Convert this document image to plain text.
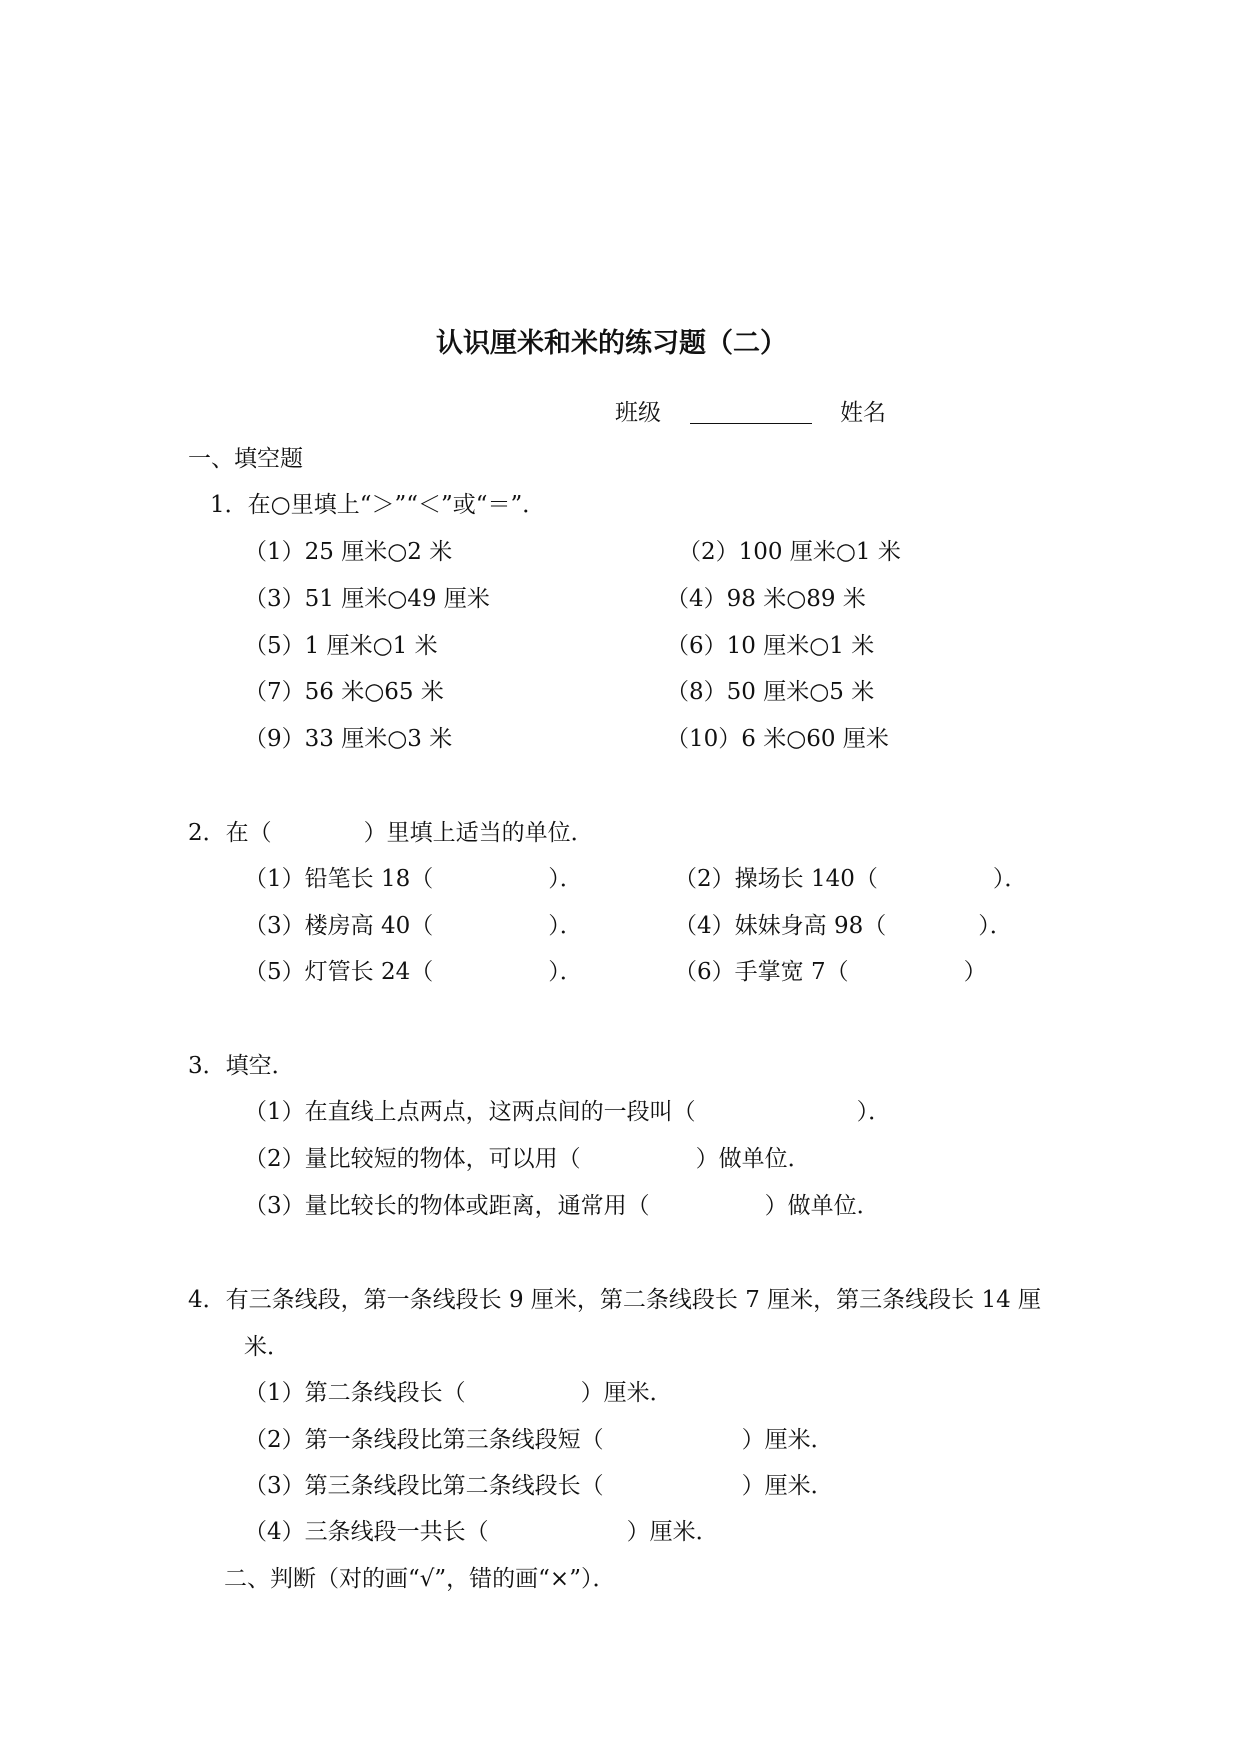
认识厘米和米的练习题（二）
班级	姓名
一、填空题
1．在○里填上“＞”“＜”或“＝”．
（1）25 厘米○2 米	（2）100 厘米○1 米
（3）51 厘米○49 厘米	（4）98 米○89 米
（5）1 厘米○1 米	（6）10 厘米○1 米
（7）56 米○65 米	（8）50 厘米○5 米
（9）33 厘米○3 米	（10）6 米○60 厘米
2．在（　　　　）里填上适当的单位．
（1）铅笔长 18（　　　　　）．	（2）操场长 140（　　　　　）．
（3）楼房高 40（　　　　　）．	（4）妹妹身高 98（　　　　）．
（5）灯管长 24（　　　　　）．	（6）手掌宽 7（　　　　　）
3．填空．
（1）在直线上点两点，这两点间的一段叫（　　　　　　　）．
（2）量比较短的物体，可以用（　　　　　）做单位．
（3）量比较长的物体或距离，通常用（　　　　　）做单位．
4．有三条线段，第一条线段长 9 厘米，第二条线段长 7 厘米，第三条线段长 14 厘
米．
（1）第二条线段长（　　　　　）厘米．
（2）第一条线段比第三条线段短（　　　　　　）厘米．
（3）第三条线段比第二条线段长（　　　　　　）厘米．
（4）三条线段一共长（　　　　　　）厘米．
二、判断（对的画“√”，错的画“×”）．
